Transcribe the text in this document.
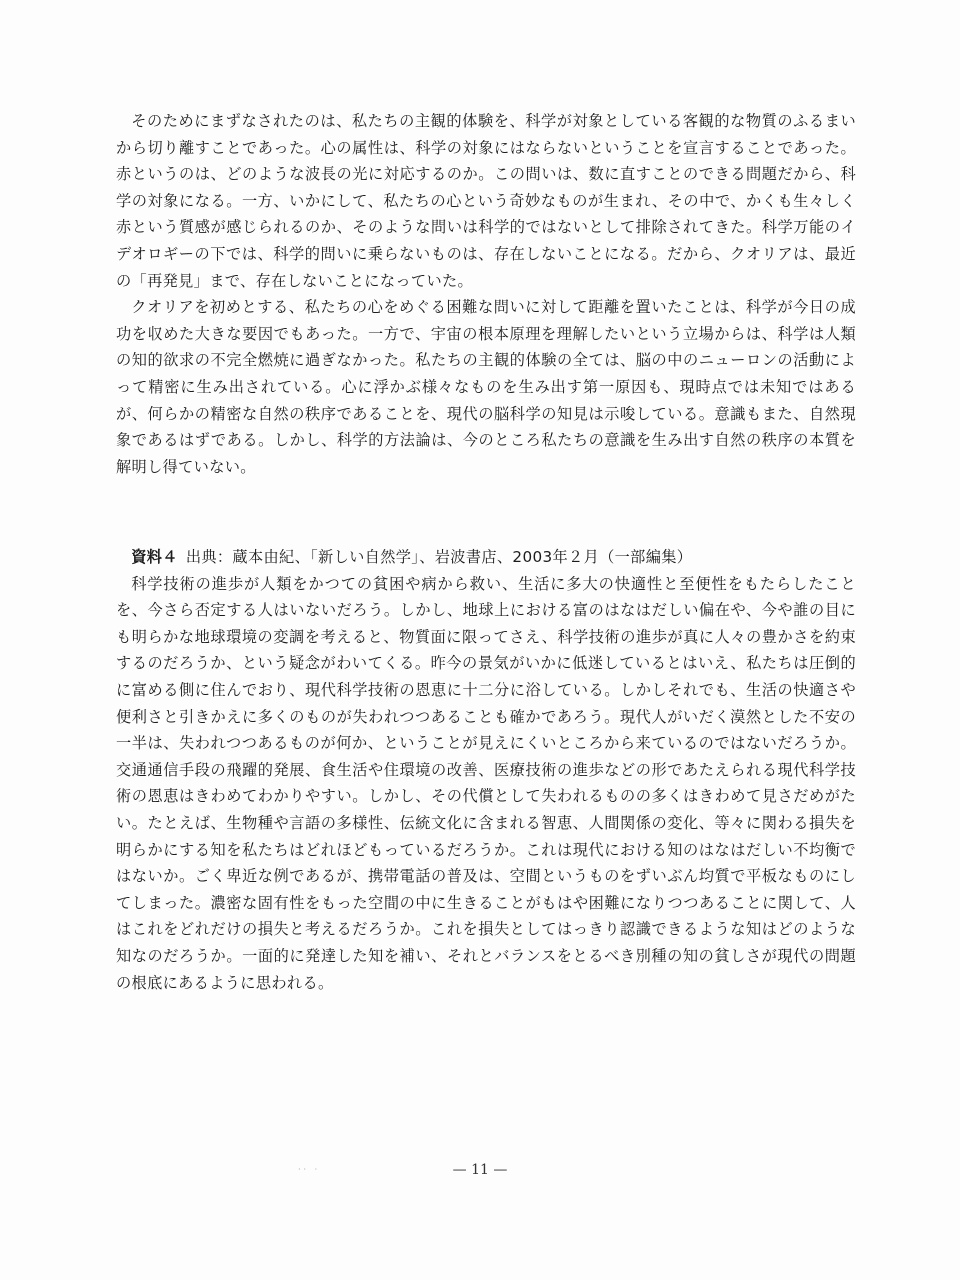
そのためにまずなされたのは、私たちの主観的体験を、科学が対象としている客観的な物質のふるまいから切り離すことであった。心の属性は、科学の対象にはならないということを宣言することであった。赤というのは、どのような波長の光に対応するのか。この問いは、数に直すことのできる問題だから、科学の対象になる。一方、いかにして、私たちの心という奇妙なものが生まれ、その中で、かくも生々しく赤という質感が感じられるのか、そのような問いは科学的ではないとして排除されてきた。科学万能のイデオロギーの下では、科学的問いに乗らないものは、存在しないことになる。だから、クオリアは、最近の「再発見」まで、存在しないことになっていた。

クオリアを初めとする、私たちの心をめぐる困難な問いに対して距離を置いたことは、科学が今日の成功を収めた大きな要因でもあった。一方で、宇宙の根本原理を理解したいという立場からは、科学は人類の知的欲求の不完全燃焼に過ぎなかった。私たちの主観的体験の全ては、脳の中のニューロンの活動によって精密に生み出されている。心に浮かぶ様々なものを生み出す第一原因も、現時点では未知ではあるが、何らかの精密な自然の秩序であることを、現代の脳科学の知見は示唆している。意識もまた、自然現象であるはずである。しかし、科学的方法論は、今のところ私たちの意識を生み出す自然の秩序の本質を解明し得ていない。

資料４ 出典：蔵本由紀、「新しい自然学」、岩波書店、2003年２月（一部編集）

科学技術の進歩が人類をかつての貧困や病から救い、生活に多大の快適性と至便性をもたらしたことを、今さら否定する人はいないだろう。しかし、地球上における富のはなはだしい偏在や、今や誰の目にも明らかな地球環境の変調を考えると、物質面に限ってさえ、科学技術の進歩が真に人々の豊かさを約束するのだろうか、という疑念がわいてくる。昨今の景気がいかに低迷しているとはいえ、私たちは圧倒的に富める側に住んでおり、現代科学技術の恩恵に十二分に浴している。しかしそれでも、生活の快適さや便利さと引きかえに多くのものが失われつつあることも確かであろう。現代人がいだく漠然とした不安の一半は、失われつつあるものが何か、ということが見えにくいところから来ているのではないだろうか。交通通信手段の飛躍的発展、食生活や住環境の改善、医療技術の進歩などの形であたえられる現代科学技術の恩恵はきわめてわかりやすい。しかし、その代償として失われるものの多くはきわめて見さだめがたい。たとえば、生物種や言語の多様性、伝統文化に含まれる智恵、人間関係の変化、等々に関わる損失を明らかにする知を私たちはどれほどもっているだろうか。これは現代における知のはなはだしい不均衡ではないか。ごく卑近な例であるが、携帯電話の普及は、空間というものをずいぶん均質で平板なものにしてしまった。濃密な固有性をもった空間の中に生きることがもはや困難になりつつあることに関して、人はこれをどれだけの損失と考えるだろうか。これを損失としてはっきり認識できるような知はどのような知なのだろうか。一面的に発達した知を補い、それとバランスをとるべき別種の知の貧しさが現代の問題の根底にあるように思われる。

·· ·	— 11 —
